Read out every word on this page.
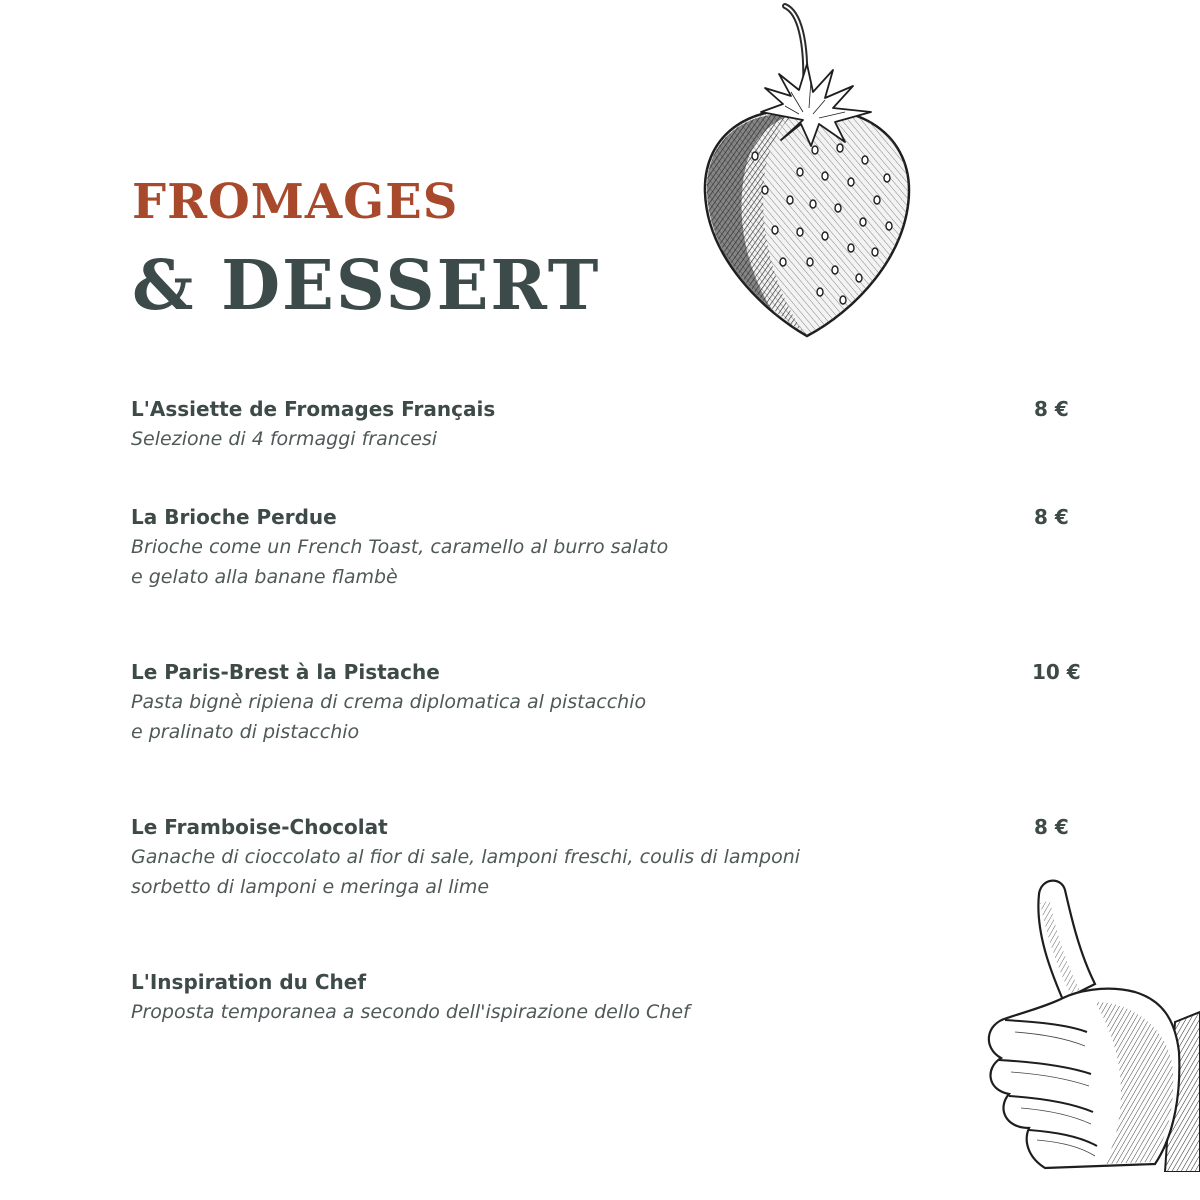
FROMAGES
& DESSERT
L'Assiette de Fromages Français
Selezione di 4 formaggi francesi
8 €
La Brioche Perdue
Brioche come un French Toast, caramello al burro salato
e gelato alla banane flambè
8 €
Le Paris-Brest à la Pistache
Pasta bignè ripiena di crema diplomatica al pistacchio
e pralinato di pistacchio
10 €
Le Framboise-Chocolat
Ganache di cioccolato al fior di sale, lamponi freschi, coulis di lamponi
sorbetto di lamponi e meringa al lime
8 €
L'Inspiration du Chef
Proposta temporanea a secondo dell'ispirazione dello Chef
